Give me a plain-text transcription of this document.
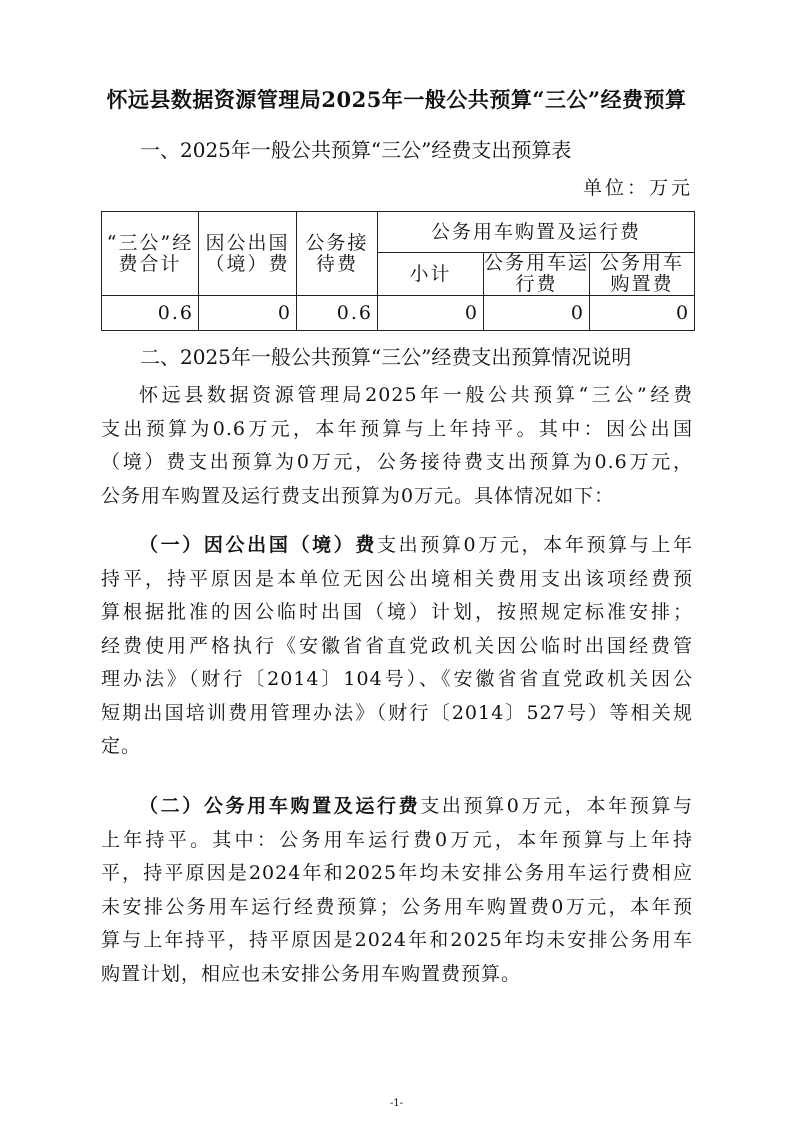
怀远县数据资源管理局2025年一般公共预算“三公”经费预算
一、2025年一般公共预算“三公”经费支出预算表
单位：万元
“三公”经费合计	因公出国（境）费	公务接待费	公务用车购置及运行费		
			小计	公务用车运行费	公务用车购置费
0.6	0	0.6	0	0	0
二、2025年一般公共预算“三公”经费支出预算情况说明
怀远县数据资源管理局2025年一般公共预算“三公”经费
支出预算为0.6万元，本年预算与上年持平。其中：因公出国
（境）费支出预算为0万元，公务接待费支出预算为0.6万元，
公务用车购置及运行费支出预算为0万元。具体情况如下：
（一）因公出国（境）费支出预算0万元，本年预算与上年
持平，持平原因是本单位无因公出境相关费用支出该项经费预
算根据批准的因公临时出国（境）计划，按照规定标准安排；
经费使用严格执行《安徽省省直党政机关因公临时出国经费管
理办法》（财行〔2014〕104号）、《安徽省省直党政机关因公
短期出国培训费用管理办法》（财行〔2014〕527号）等相关规
定。
（二）公务用车购置及运行费支出预算0万元，本年预算与
上年持平。其中：公务用车运行费0万元，本年预算与上年持
平，持平原因是2024年和2025年均未安排公务用车运行费相应
未安排公务用车运行经费预算；公务用车购置费0万元，本年预
算与上年持平，持平原因是2024年和2025年均未安排公务用车
购置计划，相应也未安排公务用车购置费预算。
-1-
